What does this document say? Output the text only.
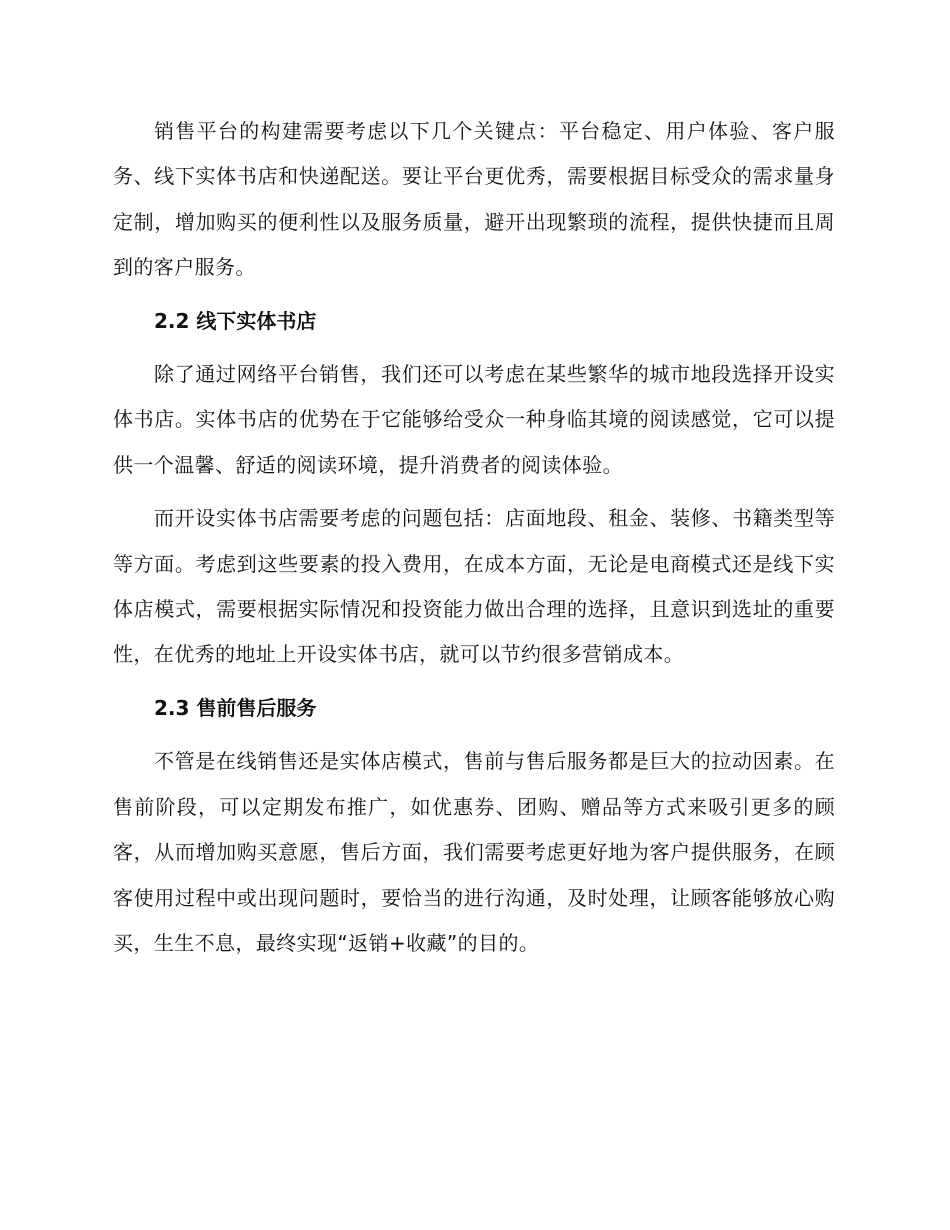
销售平台的构建需要考虑以下几个关键点：平台稳定、用户体验、客户服务、线下实体书店和快递配送。要让平台更优秀，需要根据目标受众的需求量身定制，增加购买的便利性以及服务质量，避开出现繁琐的流程，提供快捷而且周到的客户服务。

2.2 线下实体书店

除了通过网络平台销售，我们还可以考虑在某些繁华的城市地段选择开设实体书店。实体书店的优势在于它能够给受众一种身临其境的阅读感觉，它可以提供一个温馨、舒适的阅读环境，提升消费者的阅读体验。

而开设实体书店需要考虑的问题包括：店面地段、租金、装修、书籍类型等等方面。考虑到这些要素的投入费用，在成本方面，无论是电商模式还是线下实体店模式，需要根据实际情况和投资能力做出合理的选择，且意识到选址的重要性，在优秀的地址上开设实体书店，就可以节约很多营销成本。

2.3 售前售后服务

不管是在线销售还是实体店模式，售前与售后服务都是巨大的拉动因素。在售前阶段，可以定期发布推广，如优惠券、团购、赠品等方式来吸引更多的顾客，从而增加购买意愿，售后方面，我们需要考虑更好地为客户提供服务，在顾客使用过程中或出现问题时，要恰当的进行沟通，及时处理，让顾客能够放心购买，生生不息，最终实现“返销+收藏”的目的。
